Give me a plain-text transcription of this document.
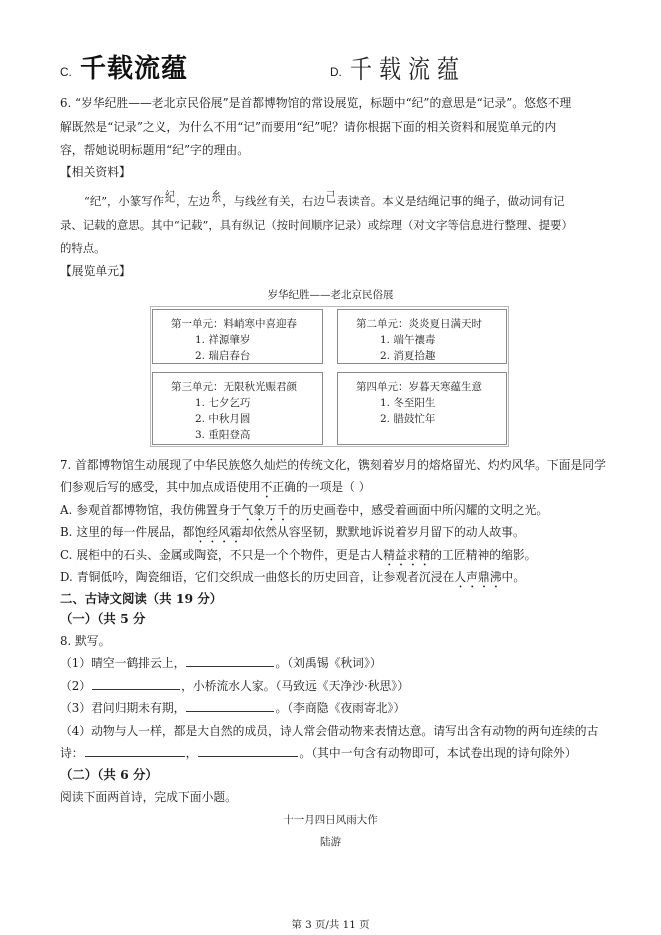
C. 千载流蕴	D. 千载流蕴
6. “岁华纪胜——老北京民俗展”是首都博物馆的常设展览，标题中“纪”的意思是“记录”。悠悠不理
解既然是“记录”之义，为什么不用“记”而要用“纪”呢？请你根据下面的相关资料和展览单元的内
容，帮她说明标题用“纪”字的理由。
【相关资料】
“纪”，小篆写作紀，左边糸，与线丝有关，右边己表读音。本义是结绳记事的绳子，做动词有记
录、记载的意思。其中“记载”，具有纵记（按时间顺序记录）或综理（对文字等信息进行整理、提要）
的特点。
【展览单元】
岁华纪胜——老北京民俗展
第一单元：料峭寒中喜迎春
1. 祥源肇岁
2. 瑞启春台
第二单元：炎炎夏日满天时
1. 端午禳毒
2. 消夏拾趣
第三单元：无限秋光赈君颜
1. 七夕乞巧
2. 中秋月圆
3. 重阳登高
第四单元：岁暮天寒蕴生意
1. 冬至阳生
2. 腊鼓忙年
7. 首都博物馆生动展现了中华民族悠久灿烂的传统文化，镌刻着岁月的熔烙留光、灼灼风华。下面是同学
们参观后写的感受，其中加点成语使用不正确的一项是（ ）
A. 参观首都博物馆，我仿佛置身于气象万千的历史画卷中，感受着画面中所闪耀的文明之光。
B. 这里的每一件展品，都饱经风霜却依然从容坚韧，默默地诉说着岁月留下的动人故事。
C. 展柜中的石头、金属或陶瓷，不只是一个个物件，更是古人精益求精的工匠精神的缩影。
D. 青铜低吟，陶瓷细语，它们交织成一曲悠长的历史回音，让参观者沉浸在人声鼎沸中。
二、古诗文阅读（共 19 分）
（一）（共 5 分
8. 默写。
（1）晴空一鹤排云上，	。（刘禹锡《秋词》）
（2）	，小桥流水人家。（马致远《天净沙·秋思》）
（3）君问归期未有期，	。（李商隐《夜雨寄北》）
（4）动物与人一样，都是大自然的成员，诗人常会借动物来表情达意。请写出含有动物的两句连续的古
诗：	，	。（其中一句含有动物即可，本试卷出现的诗句除外）
（二）（共 6 分）
阅读下面两首诗，完成下面小题。
十一月四日风雨大作
陆游
第 3 页/共 11 页
